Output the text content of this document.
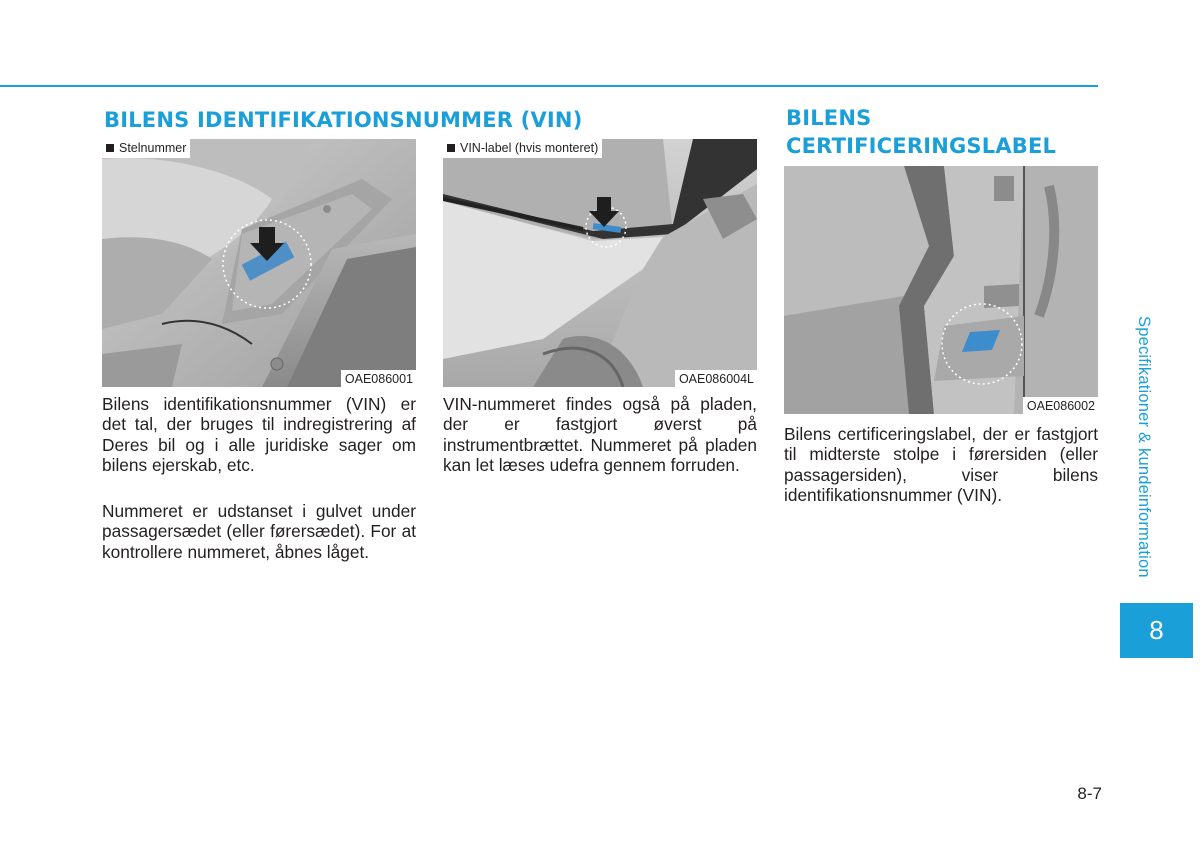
BILENS IDENTIFIKATIONSNUMMER (VIN)
Stelnummer
OAE086001
VIN-label (hvis monteret)
OAE086004L

Bilens identifikationsnummer (VIN) er det tal, der bruges til indregistrering af Deres bil og i alle juridiske sager om bilens ejerskab, etc.

Nummeret er udstanset i gulvet under passagersædet (eller førersædet). For at kontrollere nummeret, åbnes låget.

VIN-nummeret findes også på pladen, der er fastgjort øverst på instrumentbrættet. Nummeret på pladen kan let læses udefra gennem forruden.

BILENS
CERTIFICERINGSLABEL
OAE086002

Bilens certificeringslabel, der er fastgjort til midterste stolpe i førersiden (eller passagersiden), viser bilens identifikationsnummer (VIN).	Specifikationer & kundeinformation
8
8-7
